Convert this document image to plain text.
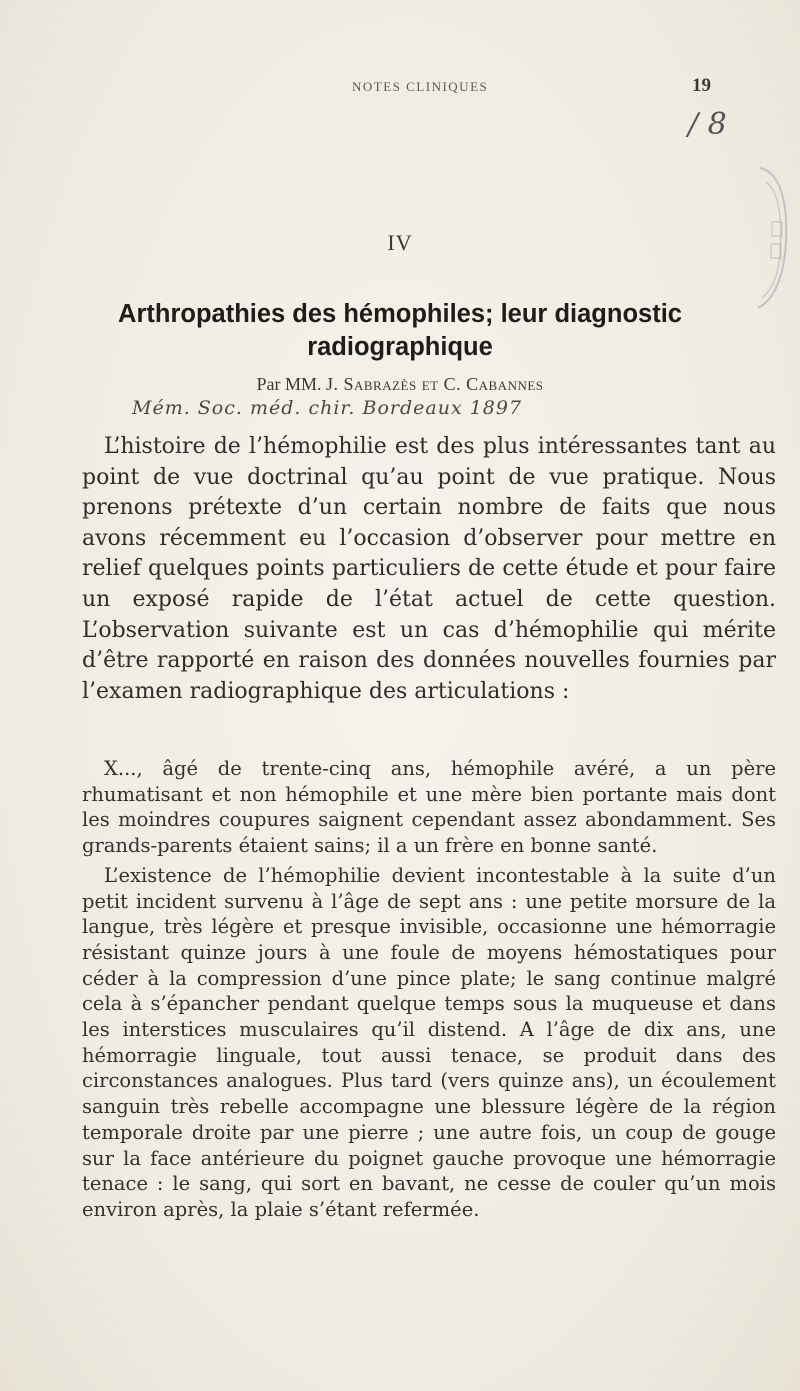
NOTES CLINIQUES	19
/ 8
IV
Arthropathies des hémophiles; leur diagnostic radiographique
Par MM. J. Sabrazès et C. Cabannes
Mém. Soc. méd. chir. Bordeaux 1897

L’histoire de l’hémophilie est des plus intéressantes tant au point de vue doctrinal qu’au point de vue pratique. Nous prenons prétexte d’un certain nombre de faits que nous avons récemment eu l’occasion d’observer pour mettre en relief quelques points particuliers de cette étude et pour faire un exposé rapide de l’état actuel de cette question. L’observation suivante est un cas d’hémophilie qui mérite d’être rapporté en raison des données nouvelles fournies par l’examen radiographique des articulations :

X..., âgé de trente-cinq ans, hémophile avéré, a un père rhumatisant et non hémophile et une mère bien portante mais dont les moindres coupures saignent cependant assez abondamment. Ses grands-parents étaient sains; il a un frère en bonne santé.

L’existence de l’hémophilie devient incontestable à la suite d’un petit incident survenu à l’âge de sept ans : une petite morsure de la langue, très légère et presque invisible, occasionne une hémorragie résistant quinze jours à une foule de moyens hémostatiques pour céder à la compression d’une pince plate; le sang continue malgré cela à s’épancher pendant quelque temps sous la muqueuse et dans les interstices musculaires qu’il distend. A l’âge de dix ans, une hémorragie linguale, tout aussi tenace, se produit dans des circonstances analogues. Plus tard (vers quinze ans), un écoulement sanguin très rebelle accompagne une blessure légère de la région temporale droite par une pierre ; une autre fois, un coup de gouge sur la face antérieure du poignet gauche provoque une hémorragie tenace : le sang, qui sort en bavant, ne cesse de couler qu’un mois environ après, la plaie s’étant refermée.
